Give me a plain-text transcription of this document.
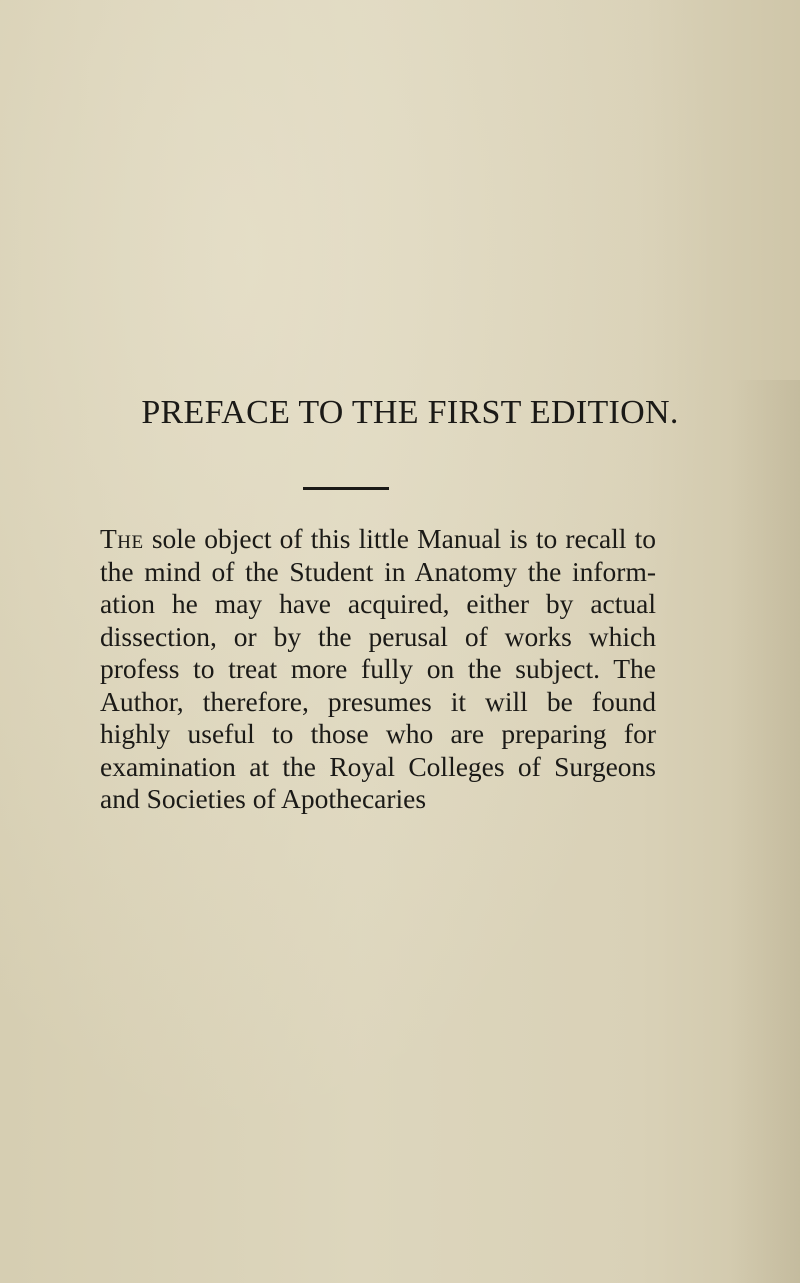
PREFACE TO THE FIRST EDITION.

The sole object of this little Manual is to recall to the mind of the Student in Anatomy the inform-ation he may have acquired, either by actual dissection, or by the perusal of works which profess to treat more fully on the subject. The Author, therefore, presumes it will be found highly useful to those who are preparing for examination at the Royal Colleges of Surgeons and Societies of Apothecaries
